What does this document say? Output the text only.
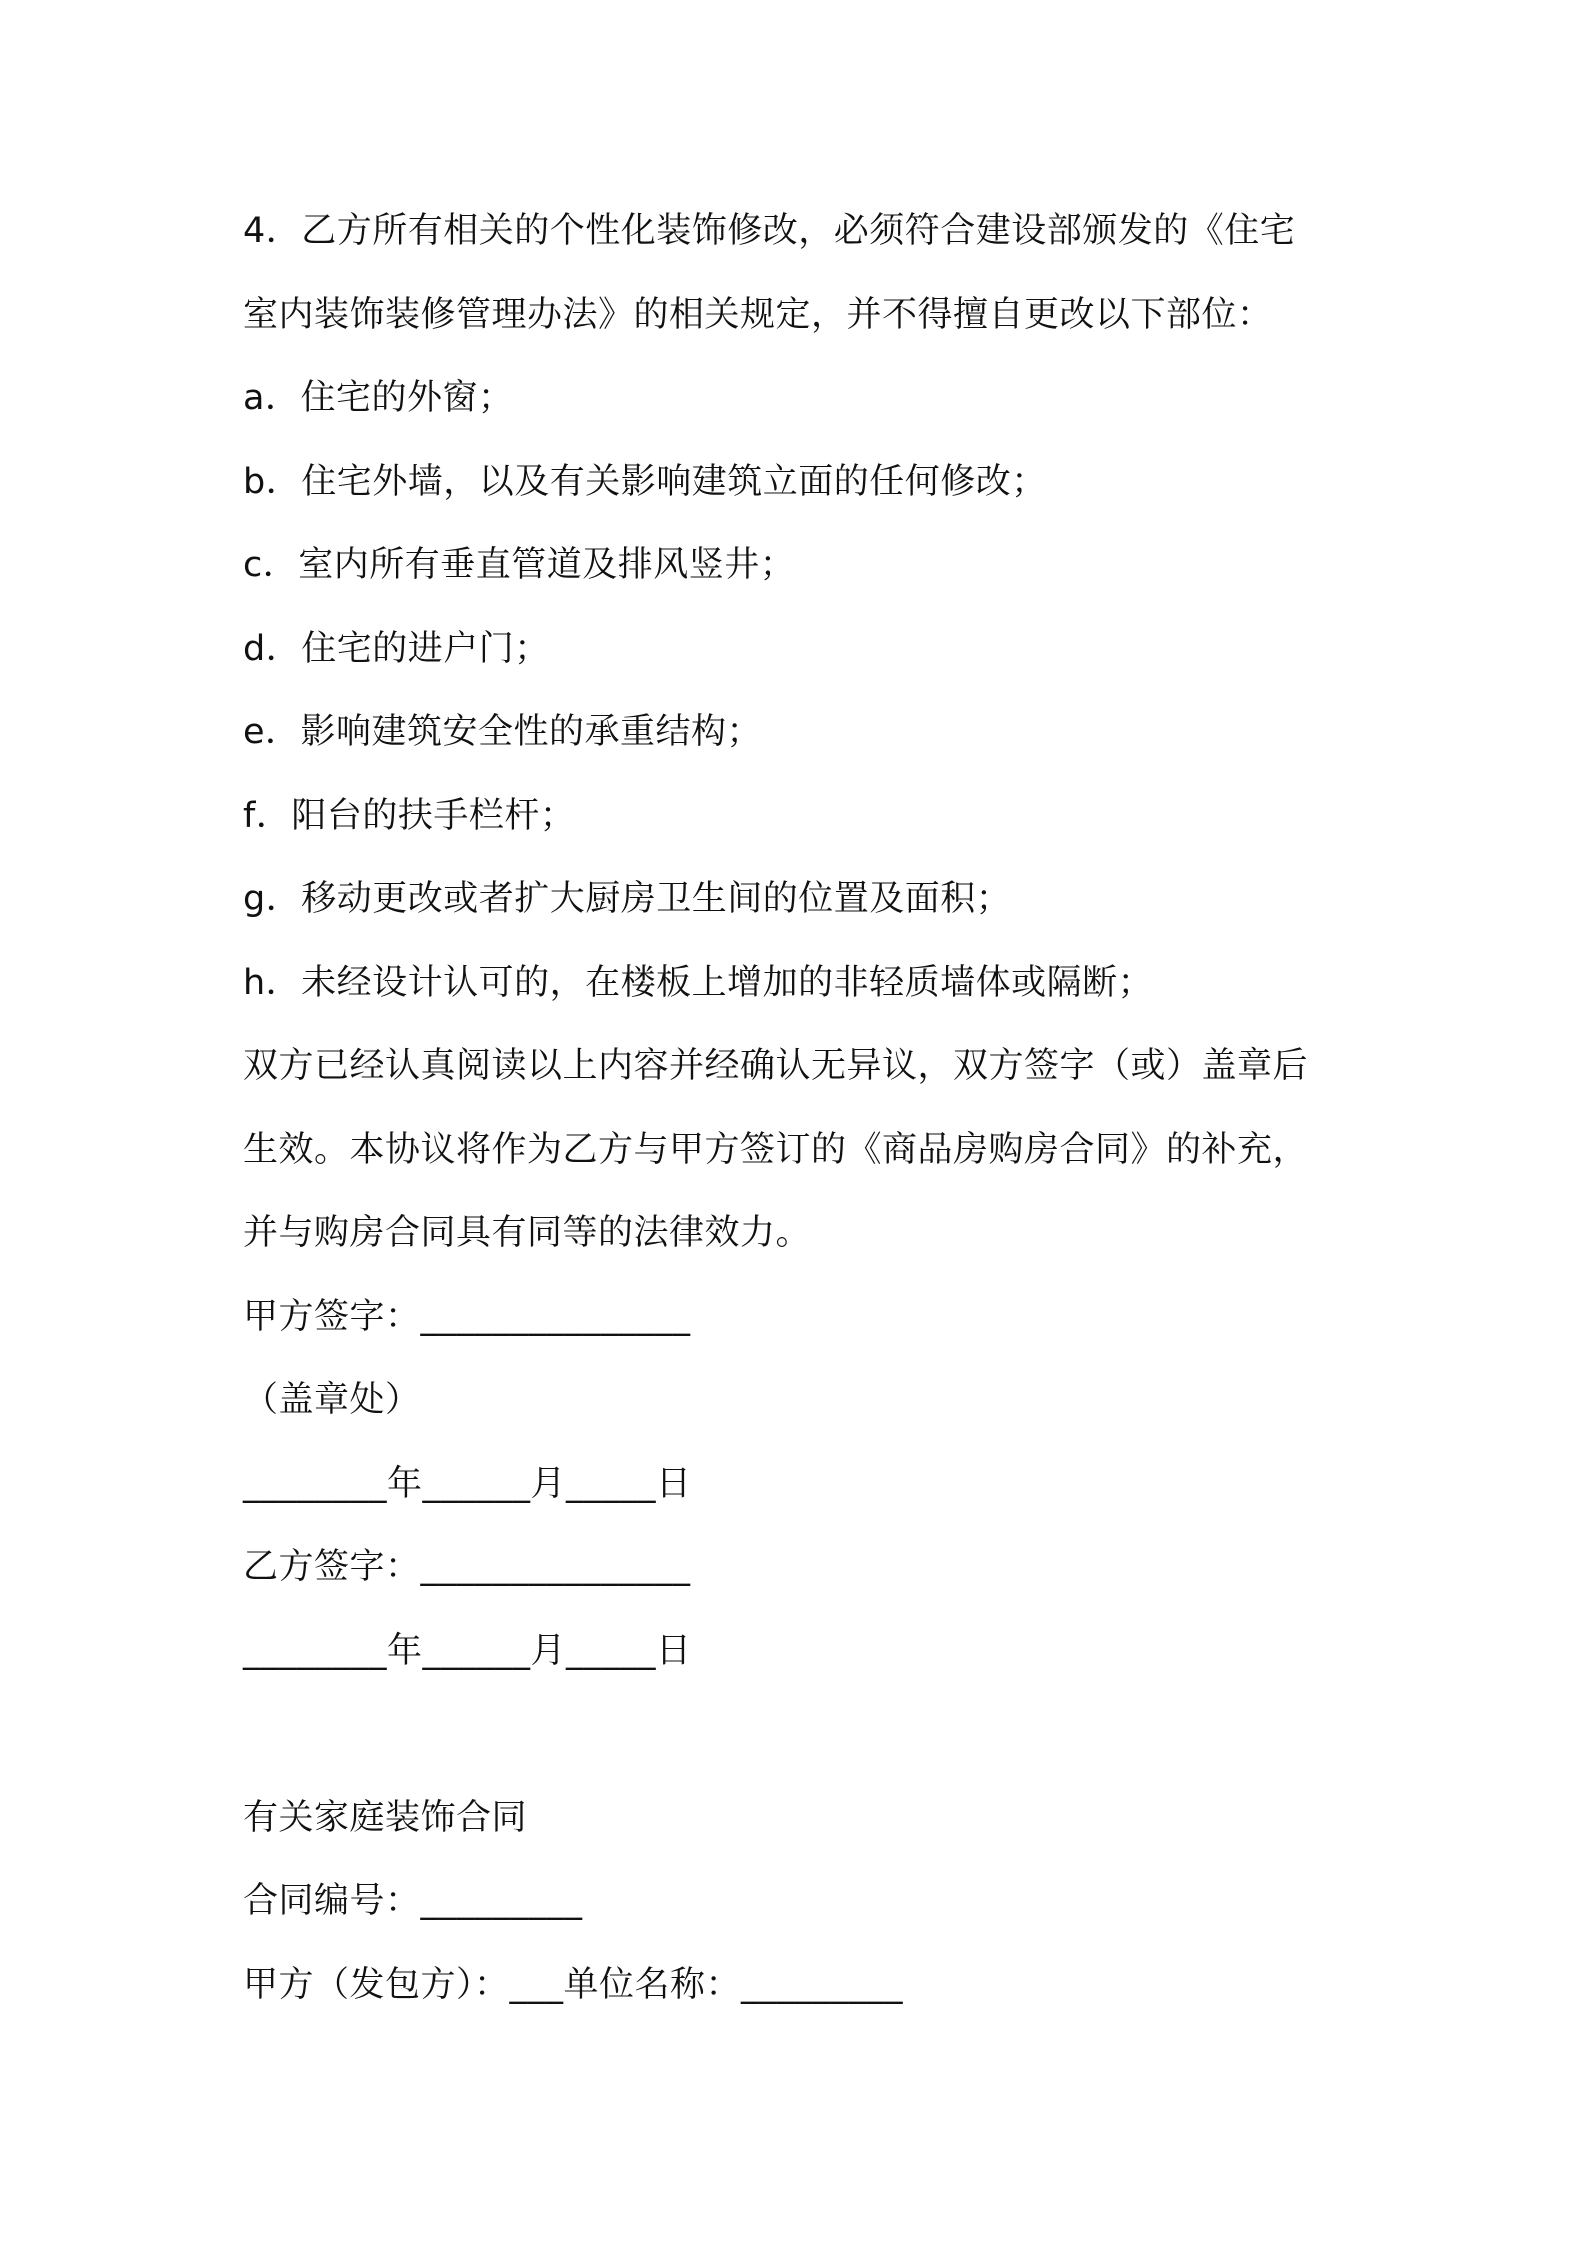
4．乙方所有相关的个性化装饰修改，必须符合建设部颁发的《住宅
室内装饰装修管理办法》的相关规定，并不得擅自更改以下部位：
a．住宅的外窗；
b．住宅外墙，以及有关影响建筑立面的任何修改；
c．室内所有垂直管道及排风竖井；
d．住宅的进户门；
e．影响建筑安全性的承重结构；
f．阳台的扶手栏杆；
g．移动更改或者扩大厨房卫生间的位置及面积；
h．未经设计认可的，在楼板上增加的非轻质墙体或隔断；
双方已经认真阅读以上内容并经确认无异议，双方签字（或）盖章后
生效。本协议将作为乙方与甲方签订的《商品房购房合同》的补充，
并与购房合同具有同等的法律效力。
甲方签字：_______________
（盖章处）
________年______月_____日
乙方签字：_______________
________年______月_____日
有关家庭装饰合同
合同编号：_________
甲方（发包方）：___单位名称：_________
